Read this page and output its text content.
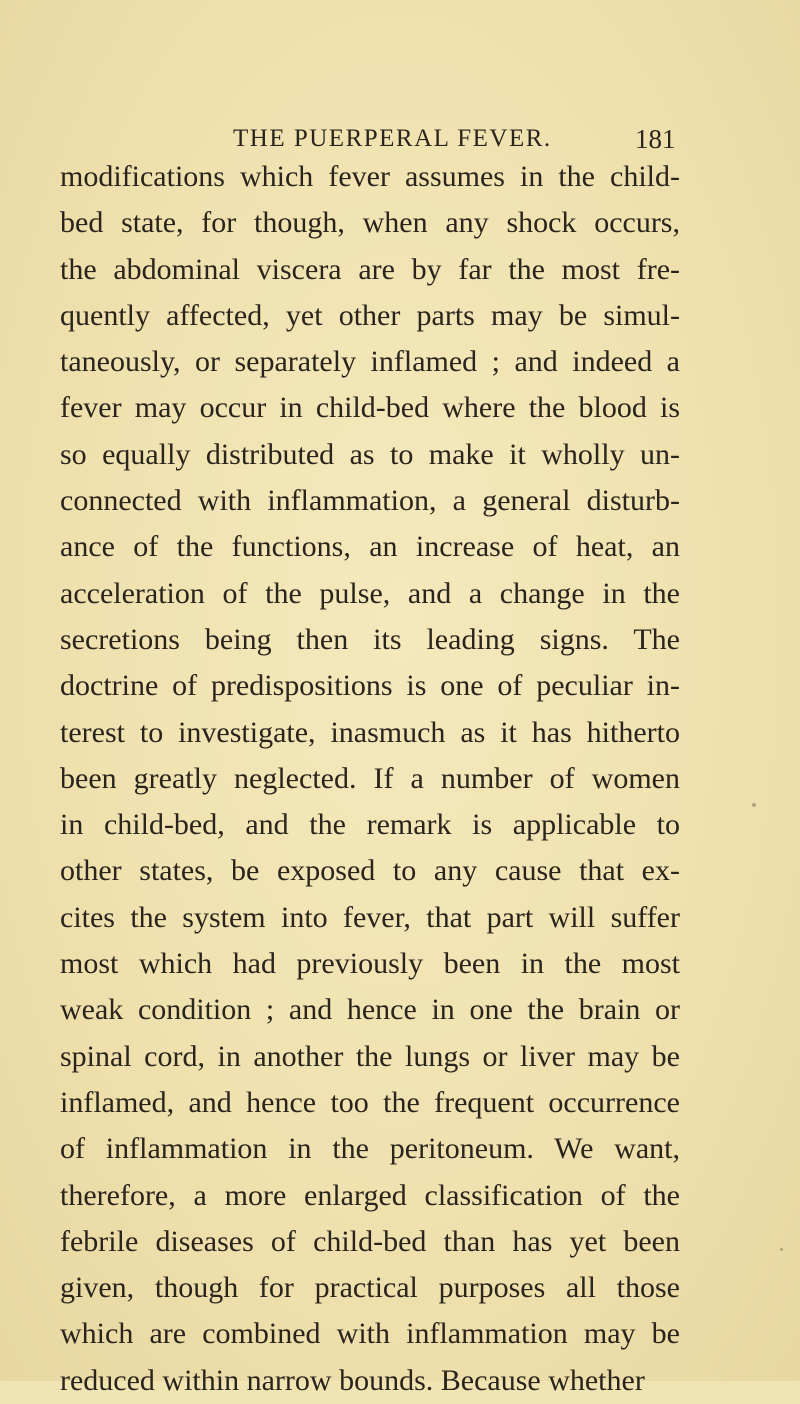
THE PUERPERAL FEVER.	181
modifications which fever assumes in the child-
bed state, for though, when any shock occurs,
the abdominal viscera are by far the most fre-
quently affected, yet other parts may be simul-
taneously, or separately inflamed ; and indeed a
fever may occur in child-bed where the blood is
so equally distributed as to make it wholly un-
connected with inflammation, a general disturb-
ance of the functions, an increase of heat, an
acceleration of the pulse, and a change in the
secretions being then its leading signs. The
doctrine of predispositions is one of peculiar in-
terest to investigate, inasmuch as it has hitherto
been greatly neglected. If a number of women
in child-bed, and the remark is applicable to
other states, be exposed to any cause that ex-
cites the system into fever, that part will suffer
most which had previously been in the most
weak condition ; and hence in one the brain or
spinal cord, in another the lungs or liver may be
inflamed, and hence too the frequent occurrence
of inflammation in the peritoneum. We want,
therefore, a more enlarged classification of the
febrile diseases of child-bed than has yet been
given, though for practical purposes all those
which are combined with inflammation may be
reduced within narrow bounds. Because whether
